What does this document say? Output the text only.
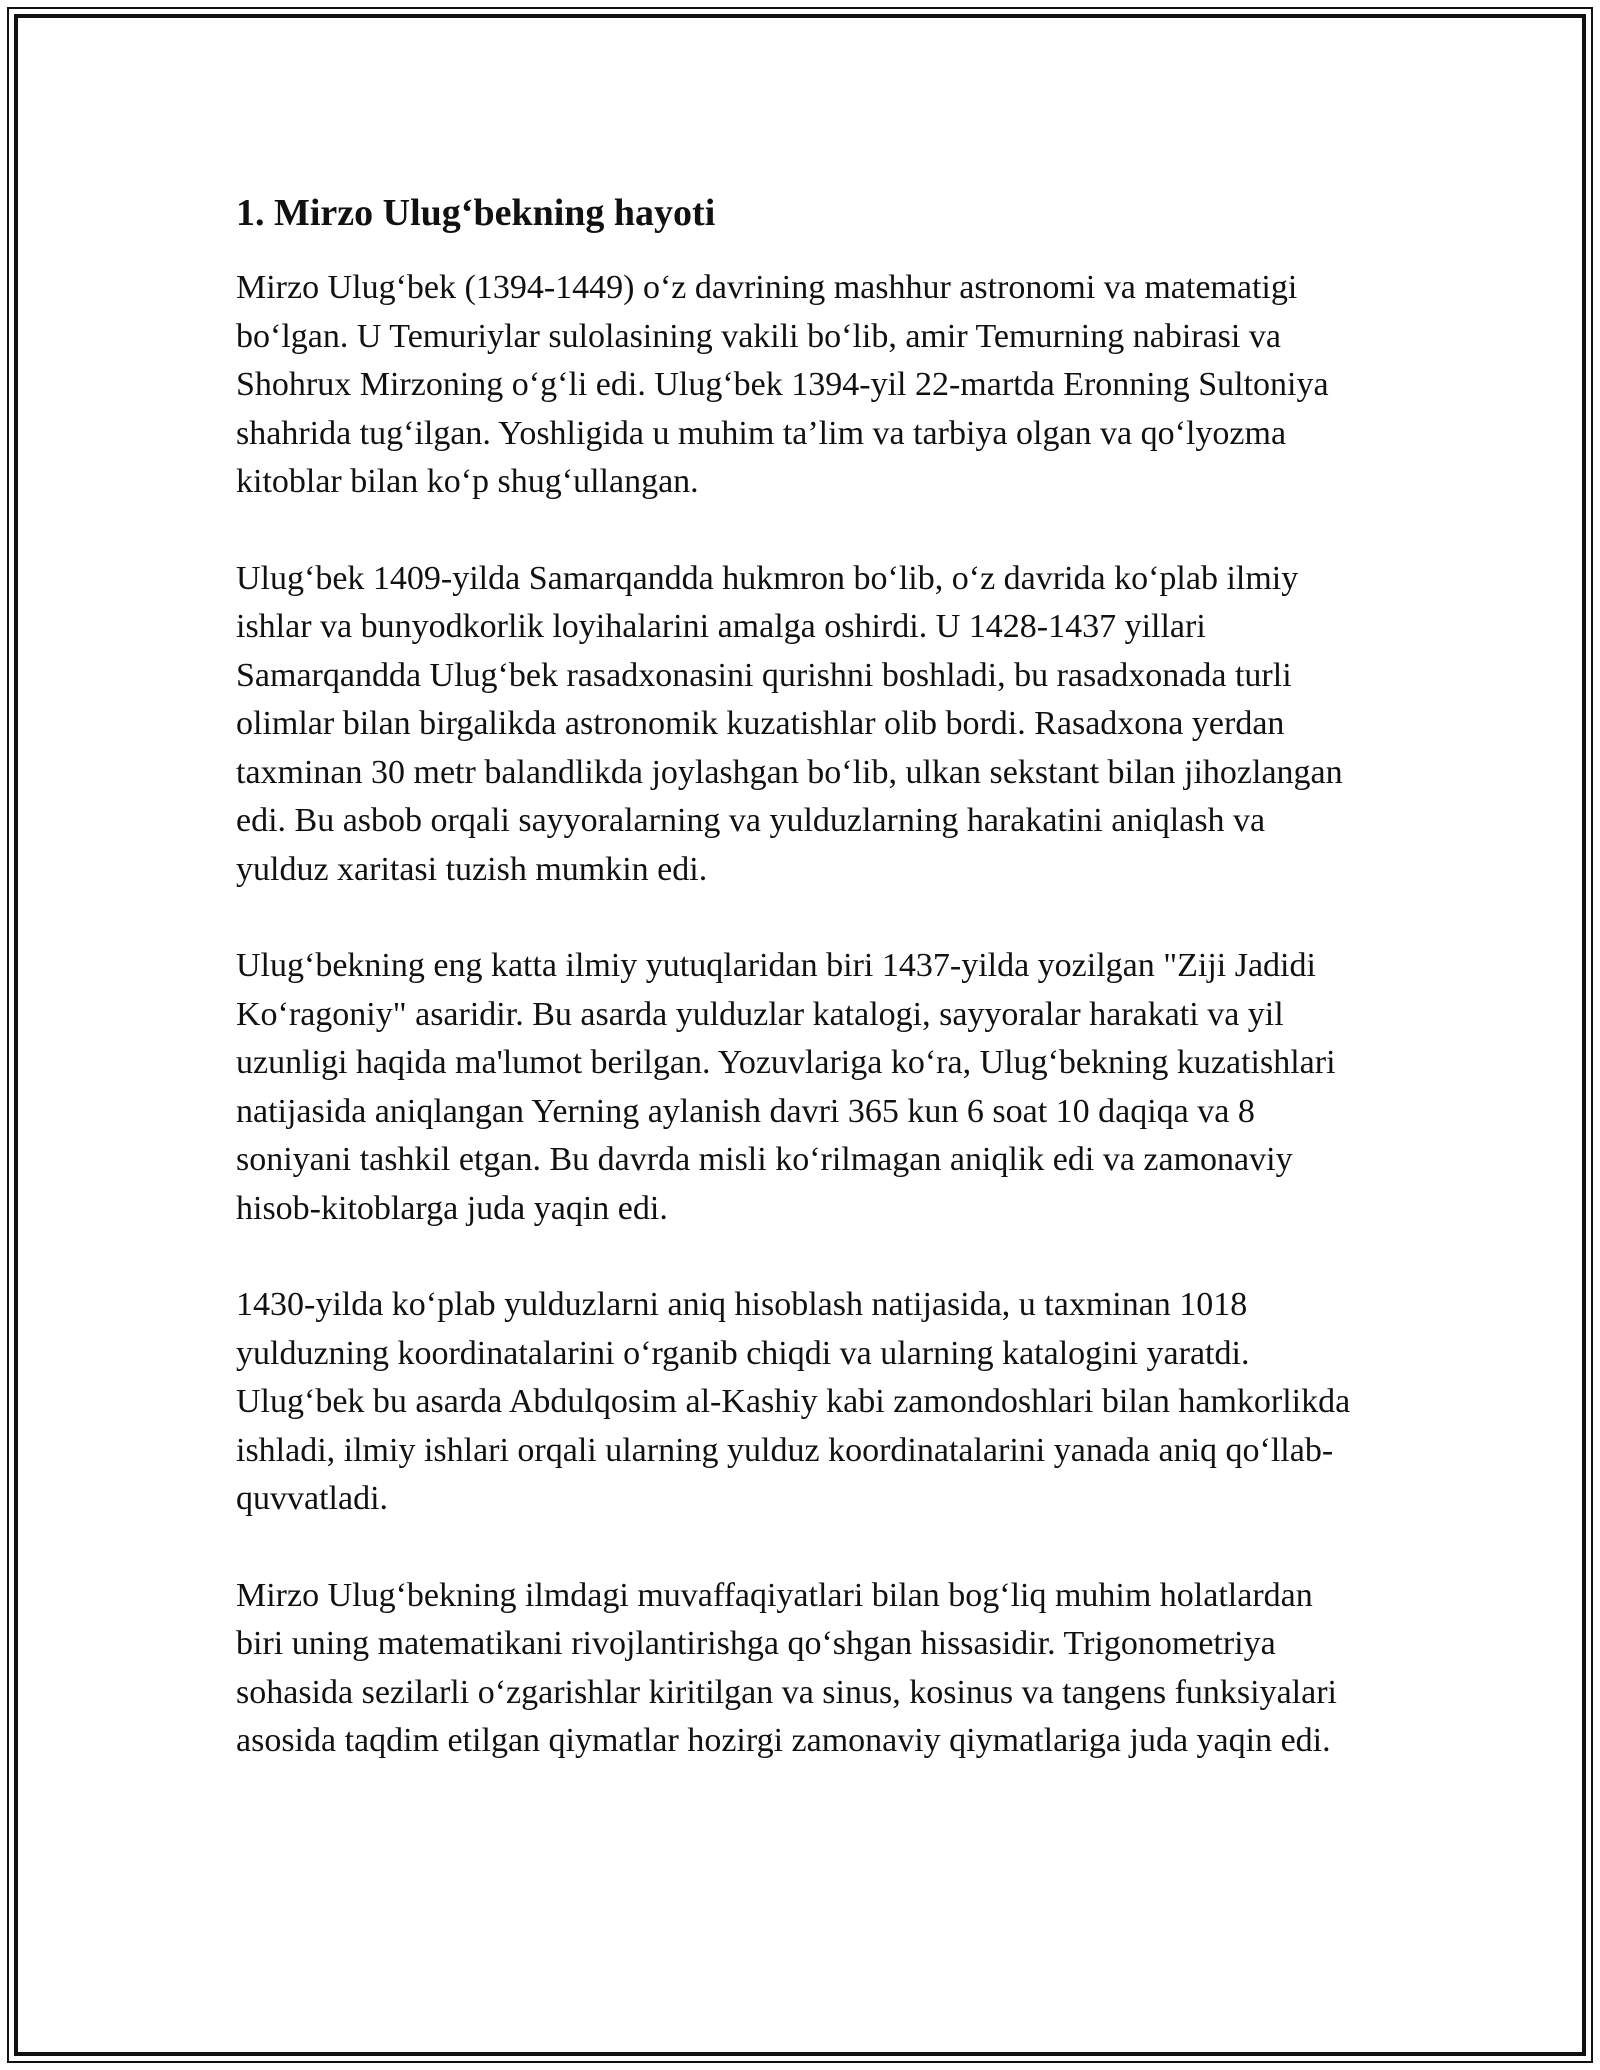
1. Mirzo Ulug‘bekning hayoti

Mirzo Ulug‘bek (1394-1449) o‘z davrining mashhur astronomi va matematigi bo‘lgan. U Temuriylar sulolasining vakili bo‘lib, amir Temurning nabirasi va Shohrux Mirzoning o‘g‘li edi. Ulug‘bek 1394-yil 22-martda Eronning Sultoniya shahrida tug‘ilgan. Yoshligida u muhim ta’lim va tarbiya olgan va qo‘lyozma kitoblar bilan ko‘p shug‘ullangan.

Ulug‘bek 1409-yilda Samarqandda hukmron bo‘lib, o‘z davrida ko‘plab ilmiy ishlar va bunyodkorlik loyihalarini amalga oshirdi. U 1428-1437 yillari Samarqandda Ulug‘bek rasadxonasini qurishni boshladi, bu rasadxonada turli olimlar bilan birgalikda astronomik kuzatishlar olib bordi. Rasadxona yerdan taxminan 30 metr balandlikda joylashgan bo‘lib, ulkan sekstant bilan jihozlangan edi. Bu asbob orqali sayyoralarning va yulduzlarning harakatini aniqlash va yulduz xaritasi tuzish mumkin edi.

Ulug‘bekning eng katta ilmiy yutuqlaridan biri 1437-yilda yozilgan "Ziji Jadidi Ko‘ragoniy" asaridir. Bu asarda yulduzlar katalogi, sayyoralar harakati va yil uzunligi haqida ma'lumot berilgan. Yozuvlariga ko‘ra, Ulug‘bekning kuzatishlari natijasida aniqlangan Yerning aylanish davri 365 kun 6 soat 10 daqiqa va 8 soniyani tashkil etgan. Bu davrda misli ko‘rilmagan aniqlik edi va zamonaviy hisob-kitoblarga juda yaqin edi.

1430-yilda ko‘plab yulduzlarni aniq hisoblash natijasida, u taxminan 1018 yulduzning koordinatalarini o‘rganib chiqdi va ularning katalogini yaratdi. Ulug‘bek bu asarda Abdulqosim al-Kashiy kabi zamondoshlari bilan hamkorlikda ishladi, ilmiy ishlari orqali ularning yulduz koordinatalarini yanada aniq qo‘llab-quvvatladi.

Mirzo Ulug‘bekning ilmdagi muvaffaqiyatlari bilan bog‘liq muhim holatlardan biri uning matematikani rivojlantirishga qo‘shgan hissasidir. Trigonometriya sohasida sezilarli o‘zgarishlar kiritilgan va sinus, kosinus va tangens funksiyalari asosida taqdim etilgan qiymatlar hozirgi zamonaviy qiymatlariga juda yaqin edi.
